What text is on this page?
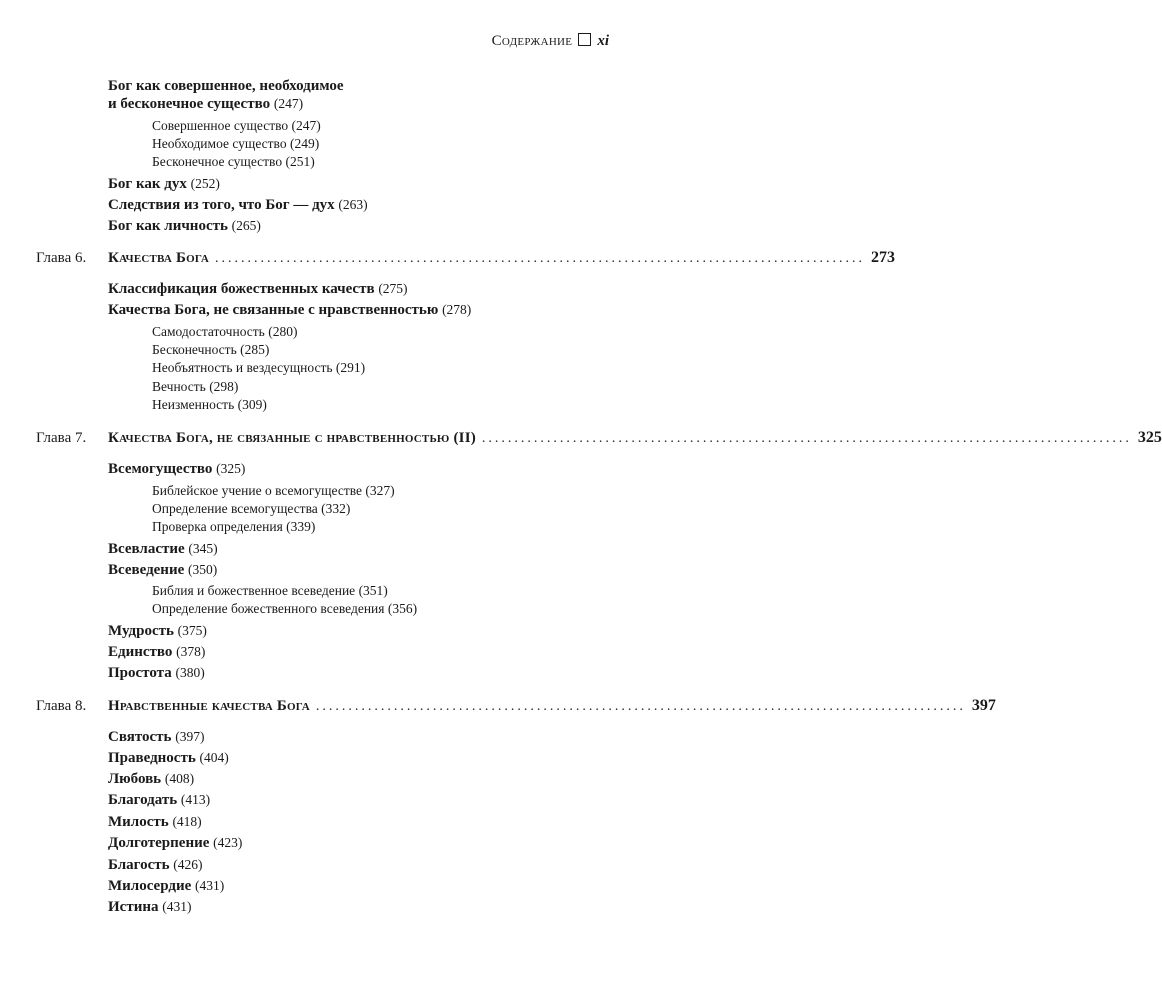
Содержание xi
Бог как совершенное, необходимое
и бесконечное существо (247)
Совершенное существо (247)
Необходимое существо (249)
Бесконечное существо (251)
Бог как дух (252)
Следствия из того, что Бог — дух (263)
Бог как личность (265)
Глава 6.	Качества Бога .................................................................................................... 273
Классификация божественных качеств (275)
Качества Бога, не связанные с нравственностью (278)
Самодостаточность (280)
Бесконечность (285)
Необъятность и вездесущность (291)
Вечность (298)
Неизменность (309)
Глава 7.	Качества Бога, не связанные с нравственностью (II) .................................................................................................... 325
Всемогущество (325)
Библейское учение о всемогуществе (327)
Определение всемогущества (332)
Проверка определения (339)
Всевластие (345)
Всеведение (350)
Библия и божественное всеведение (351)
Определение божественного всеведения (356)
Мудрость (375)
Единство (378)
Простота (380)
Глава 8.	Нравственные качества Бога .................................................................................................... 397
Святость (397)
Праведность (404)
Любовь (408)
Благодать (413)
Милость (418)
Долготерпение (423)
Благость (426)
Милосердие (431)
Истина (431)
